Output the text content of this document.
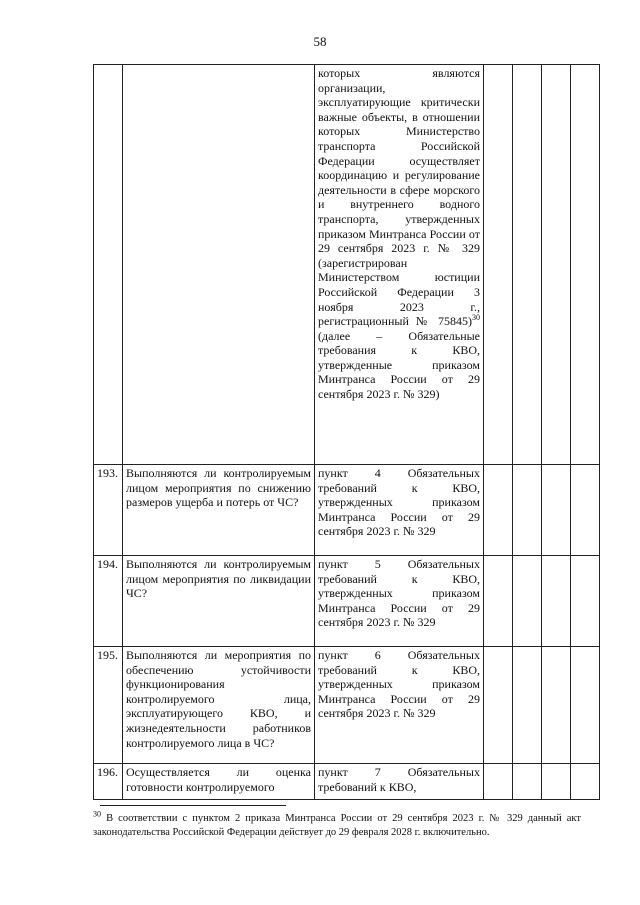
58
		которых являются организации, эксплуатирующие критически важные объекты, в отношении которых Министерство транспорта Российской Федерации осуществляет координацию и регулирование деятельности в сфере морского и внутреннего водного транспорта, утвержденных приказом Минтранса России от 29 сентября 2023 г. № 329 (зарегистрирован Министерством юстиции Российской Федерации 3 ноября 2023 г., регистрационный № 75845)$^{30}$ (далее – Обязательные требования к КВО, утвержденные приказом Минтранса России от 29 сентября 2023 г. № 329)				
193.	Выполняются ли контролируемым лицом мероприятия по снижению размеров ущерба и потерь от ЧС?	пункт 4 Обязательных требований к КВО, утвержденных приказом Минтранса России от 29 сентября 2023 г. № 329				
194.	Выполняются ли контролируемым лицом мероприятия по ликвидации ЧС?	пункт 5 Обязательных требований к КВО, утвержденных приказом Минтранса России от 29 сентября 2023 г. № 329				
195.	Выполняются ли мероприятия по обеспечению устойчивости функционирования контролируемого лица, эксплуатирующего КВО, и жизнедеятельности работников контролируемого лица в ЧС?	пункт 6 Обязательных требований к КВО, утвержденных приказом Минтранса России от 29 сентября 2023 г. № 329				
196.	Осуществляется ли оценка готовности контролируемого	пункт 7 Обязательных требований к КВО,				
$^{30}$ В соответствии с пунктом 2 приказа Минтранса России от 29 сентября 2023 г. № 329 данный акт законодательства Российской Федерации действует до 29 февраля 2028 г. включительно.
